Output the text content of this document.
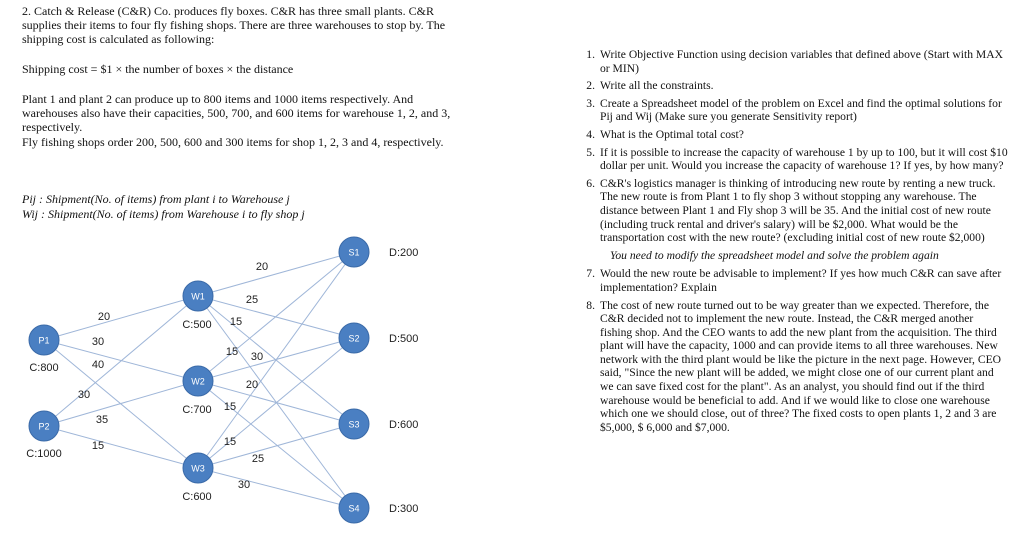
2. Catch & Release (C&R) Co. produces fly boxes. C&R has three small plants. C&R supplies their items to four fly fishing shops. There are three warehouses to stop by. The shipping cost is calculated as following:

Shipping cost = $1 × the number of boxes × the distance

Plant 1 and plant 2 can produce up to 800 items and 1000 items respectively. And warehouses also have their capacities, 500, 700, and 600 items for warehouse 1, 2, and 3, respectively.

Fly fishing shops order 200, 500, 600 and 300 items for shop 1, 2, 3 and 4, respectively.

Pij : Shipment(No. of items) from plant i to Warehouse j

Wij : Shipment(No. of items) from Warehouse i to fly shop j

20
30
40
30
35
15
20
25
15
15 30
20
15
15
25
30
P1
C:800
P2
C:1000
W1
C:500
W2
C:700
W3
C:600
S1	D:200
S2	D:500
S3	D:600
S4	D:300
1. Write Objective Function using decision variables that defined above (Start with MAX or MIN)
2. Write all the constraints.
3. Create a Spreadsheet model of the problem on Excel and find the optimal solutions for Pij and Wij (Make sure you generate Sensitivity report)
4. What is the Optimal total cost?
5. If it is possible to increase the capacity of warehouse 1 by up to 100, but it will cost $10 dollar per unit. Would you increase the capacity of warehouse 1? If yes, by how many?
6. C&R's logistics manager is thinking of introducing new route by renting a new truck. The new route is from Plant 1 to fly shop 3 without stopping any warehouse. The distance between Plant 1 and Fly shop 3 will be 35. And the initial cost of new route (including truck rental and driver's salary) will be $2,000. What would be the transportation cost with the new route? (excluding initial cost of new route $2,000)
You need to modify the spreadsheet model and solve the problem again
7. Would the new route be advisable to implement? If yes how much C&R can save after implementation? Explain
8. The cost of new route turned out to be way greater than we expected. Therefore, the C&R decided not to implement the new route. Instead, the C&R merged another fishing shop. And the CEO wants to add the new plant from the acquisition. The third plant will have the capacity, 1000 and can provide items to all three warehouses. New network with the third plant would be like the picture in the next page. However, CEO said, "Since the new plant will be added, we might close one of our current plant and we can save fixed cost for the plant". As an analyst, you should find out if the third warehouse would be beneficial to add. And if we would like to close one warehouse which one we should close, out of three? The fixed costs to open plants 1, 2 and 3 are $5,000, $ 6,000 and $7,000.
